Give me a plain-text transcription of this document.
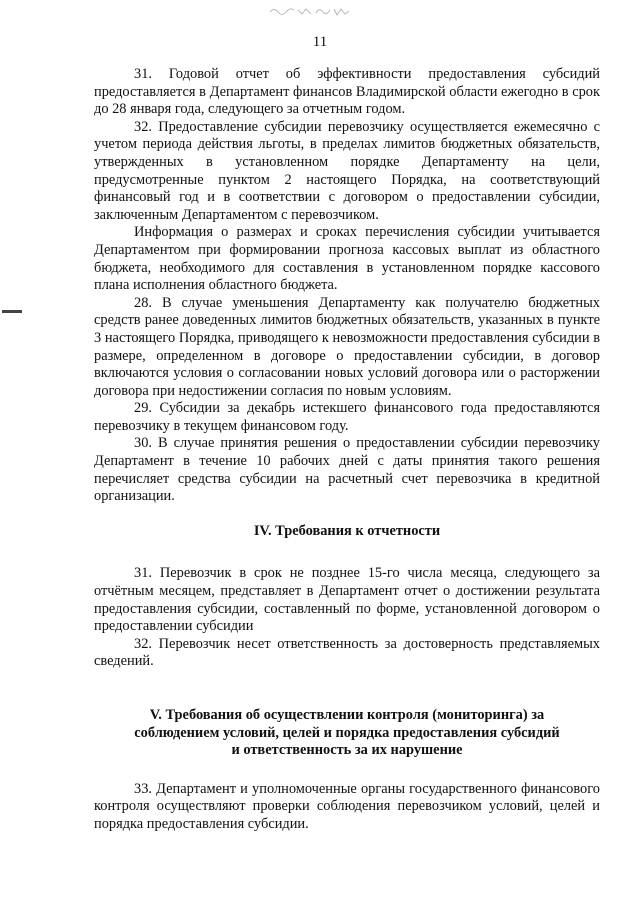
11

31. Годовой отчет об эффективности предоставления субсидий предоставляется в Департамент финансов Владимирской области ежегодно в срок до 28 января года, следующего за отчетным годом.

32. Предоставление субсидии перевозчику осуществляется ежемесячно с учетом периода действия льготы, в пределах лимитов бюджетных обязательств, утвержденных в установленном порядке Департаменту на цели, предусмотренные пунктом 2 настоящего Порядка, на соответствующий финансовый год и в соответствии с договором о предоставлении субсидии, заключенным Департаментом с перевозчиком.

Информация о размерах и сроках перечисления субсидии учитывается Департаментом при формировании прогноза кассовых выплат из областного бюджета, необходимого для составления в установленном порядке кассового плана исполнения областного бюджета.

28. В случае уменьшения Департаменту как получателю бюджетных средств ранее доведенных лимитов бюджетных обязательств, указанных в пункте 3 настоящего Порядка, приводящего к невозможности предоставления субсидии в размере, определенном в договоре о предоставлении субсидии, в договор включаются условия о согласовании новых условий договора или о расторжении договора при недостижении согласия по новым условиям.

29. Субсидии за декабрь истекшего финансового года предоставляются перевозчику в текущем финансовом году.

30. В случае принятия решения о предоставлении субсидии перевозчику Департамент в течение 10 рабочих дней с даты принятия такого решения перечисляет средства субсидии на расчетный счет перевозчика в кредитной организации.

IV. Требования к отчетности

31. Перевозчик в срок не позднее 15-го числа месяца, следующего за отчётным месяцем, представляет в Департамент отчет о достижении результата предоставления субсидии, составленный по форме, установленной договором о предоставлении субсидии

32. Перевозчик несет ответственность за достоверность представляемых сведений.

V. Требования об осуществлении контроля (мониторинга) за
соблюдением условий, целей и порядка предоставления субсидий
и ответственность за их нарушение

33. Департамент и уполномоченные органы государственного финансового контроля осуществляют проверки соблюдения перевозчиком условий, целей и порядка предоставления субсидии.
